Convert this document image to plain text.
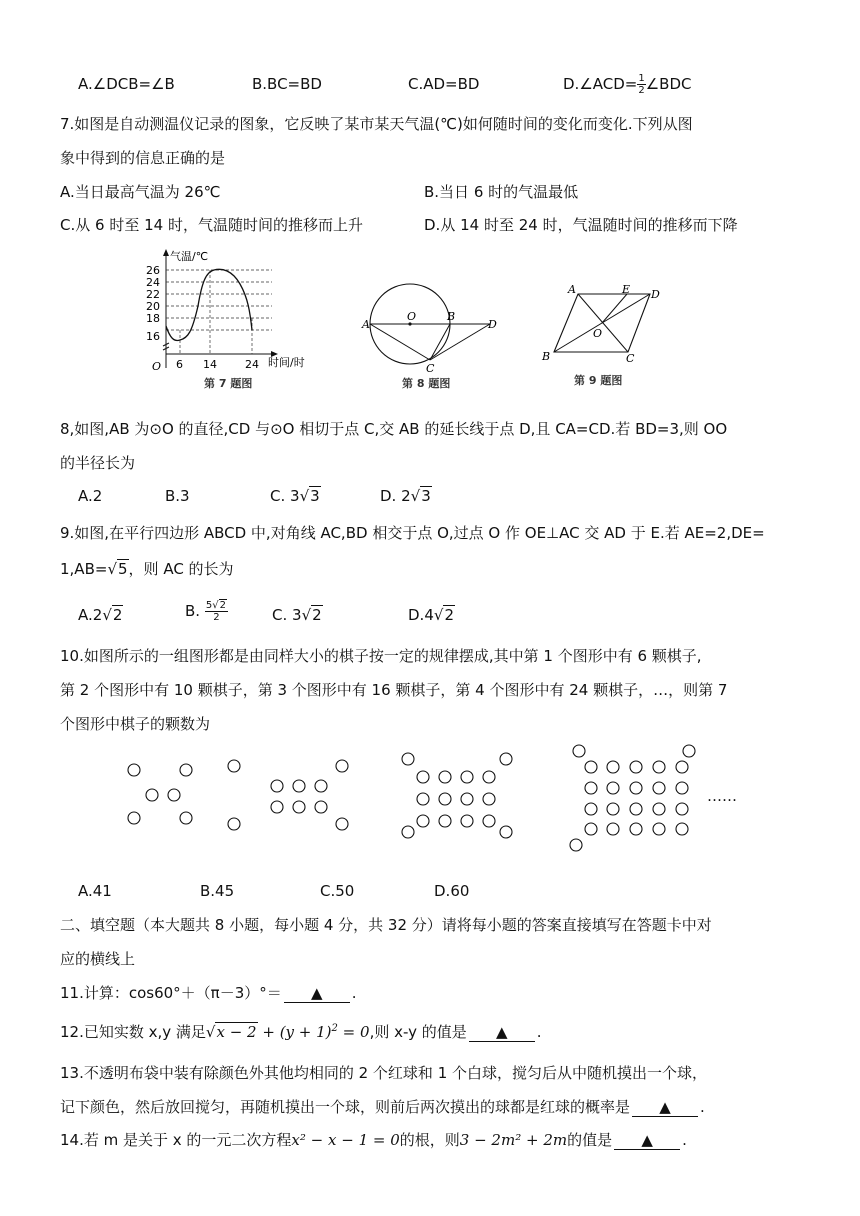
A.∠DCB=∠B	B.BC=BD	C.AD=BD	D.∠ACD= $\frac{1}{2}$ ∠BDC
7.如图是自动测温仪记录的图象，它反映了某市某天气温(℃)如何随时间的变化而变化.下列从图
象中得到的信息正确的是
A.当日最高气温为 26℃	B.当日 6 时的气温最低
C.从 6 时至 14 时，气温随时间的推移而上升	D.从 14 时至 24 时，气温随时间的推移而下降
气温/℃
26
24
22
20
18
16
O 6 14	24 时间/时
第 7 题图
A
O	B
D
C
第 8 题图
A	E D
O
B	C
第 9 题图
8,如图,AB 为⊙O 的直径,CD 与⊙O 相切于点 C,交 AB 的延长线于点 D,且 CA=CD.若 BD=3,则 OO
的半径长为
A.2	B.3	C. 3√3	D. 2√3
9.如图,在平行四边形 ABCD 中,对角线 AC,BD 相交于点 O,过点 O 作 OE⊥AC 交 AD 于 E.若 AE=2,DE=
1,AB=√5，则 AC 的长为
A.2√2	B. $\frac{5√2}{2}$	C. 3√2	D.4√2
10.如图所示的一组图形都是由同样大小的棋子按一定的规律摆成,其中第 1 个图形中有 6 颗棋子,
第 2 个图形中有 10 颗棋子，第 3 个图形中有 16 颗棋子，第 4 个图形中有 24 颗棋子，…，则第 7
个图形中棋子的颗数为
……
A.41	B.45	C.50	D.60
二、填空题（本大题共 8 小题，每小题 4 分，共 32 分）请将每小题的答案直接填写在答题卡中对
应的横线上
11.计算：cos60°＋（π－3）°＝ ▲ .
12.已知实数 x,y 满足$√x - 2 + (y + 1)^2 = 0$,则 x-y 的值是 ▲ .
13.不透明布袋中装有除颜色外其他均相同的 2 个红球和 1 个白球，搅匀后从中随机摸出一个球，
记下颜色，然后放回搅匀，再随机摸出一个球，则前后两次摸出的球都是红球的概率是 ▲ .
14.若 m 是关于 x 的一元二次方程x² − x − 1 = 0的根，则3 − 2m² + 2m的值是 ▲ .
